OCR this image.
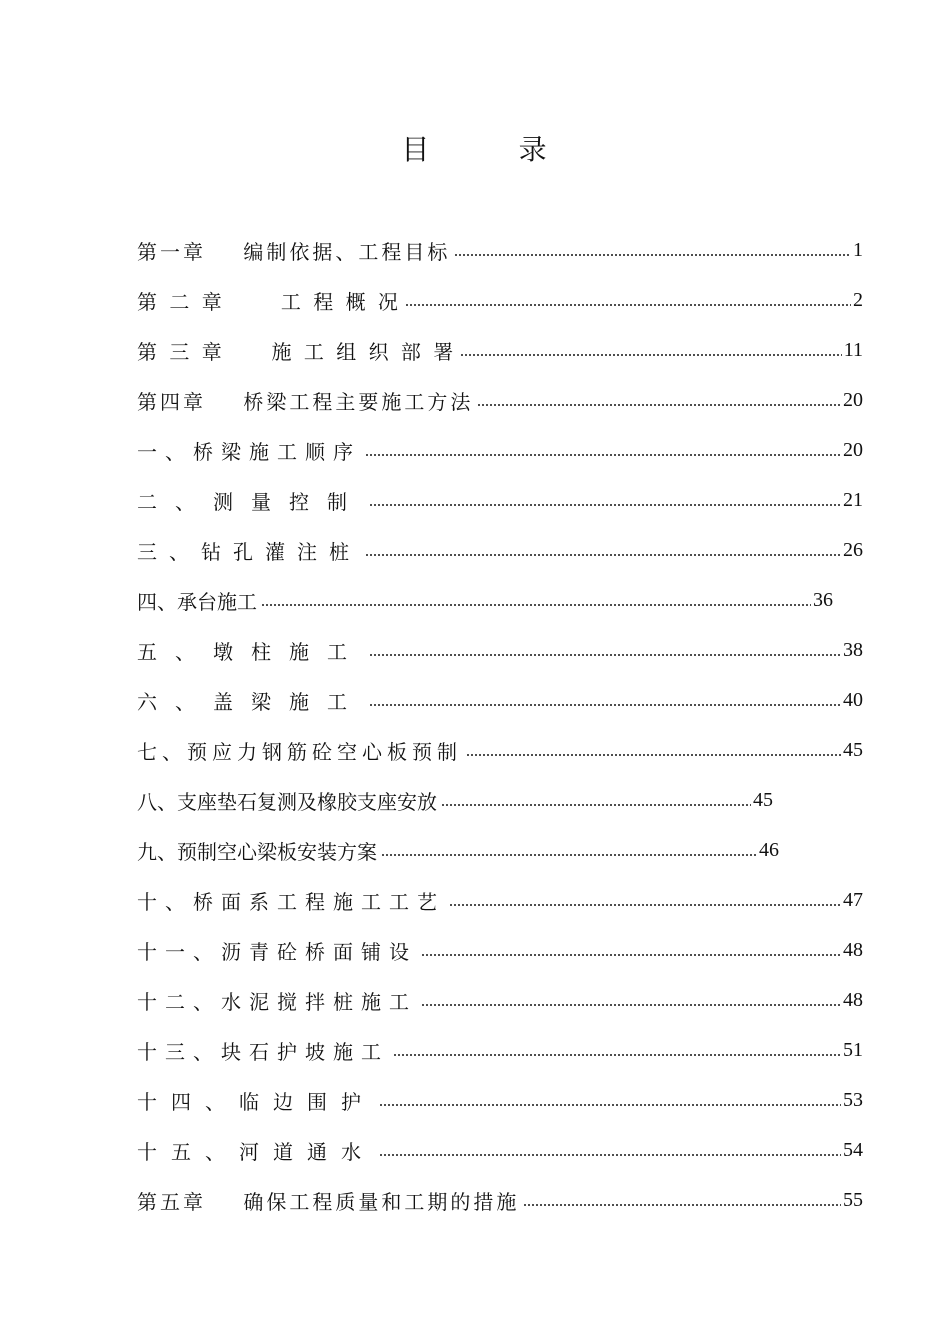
目        录
第一章    编制依据、工程目标	1
第 二 章      工 程 概 况	2
第 三 章     施 工 组 织 部 署	11
第四章    桥梁工程主要施工方法	20
一、桥梁施工顺序	20
二、测量控制	21
三、钻孔灌注桩	26
四、承台施工	36
五、墩柱施工	38
六、盖梁施工	40
七、预应力钢筋砼空心板预制	45
八、支座垫石复测及橡胶支座安放	45
九、预制空心梁板安装方案	46
十、桥面系工程施工工艺	47
十一、沥青砼桥面铺设	48
十二、水泥搅拌桩施工	48
十三、块石护坡施工	51
十四、临边围护	53
十五、河道通水	54
第五章    确保工程质量和工期的措施	55
